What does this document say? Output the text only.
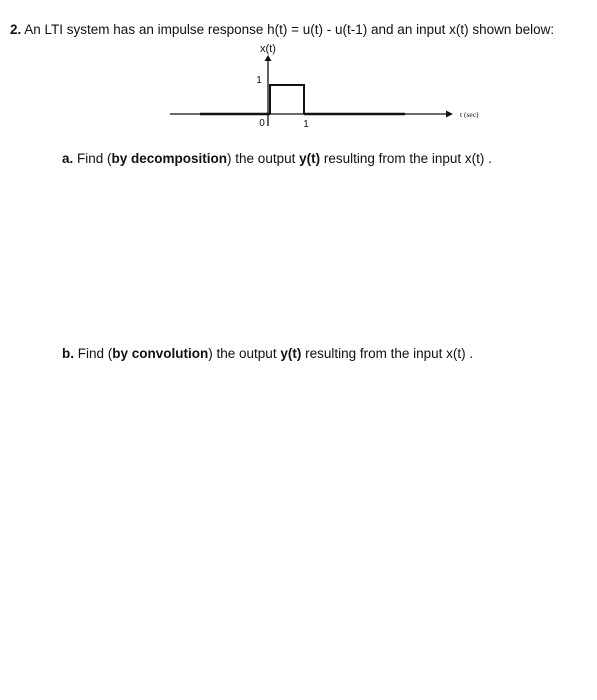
2. An LTI system has an impulse response h(t) = u(t) - u(t-1) and an input x(t) shown below:
x(t)
1
0	1
t (sec)
a. Find (by decomposition) the output y(t) resulting from the input x(t) .
b. Find (by convolution) the output y(t) resulting from the input x(t) .
